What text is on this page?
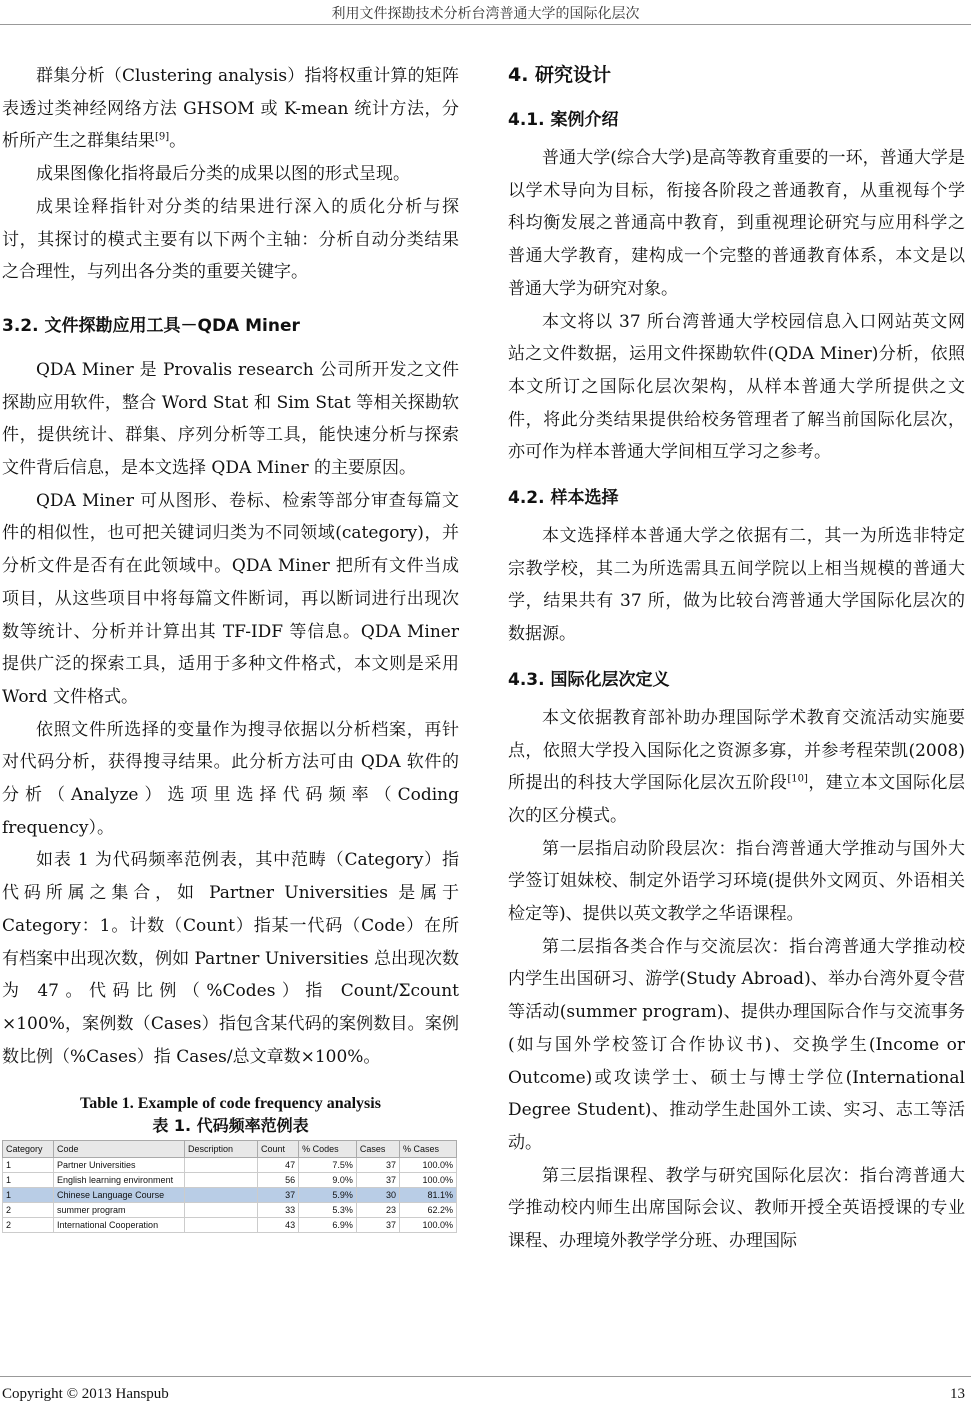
利用文件探勘技术分析台湾普通大学的国际化层次

群集分析（Clustering analysis）指将权重计算的矩阵表透过类神经网络方法 GHSOM 或 K-mean 统计方法，分析所产生之群集结果[9]。

成果图像化指将最后分类的成果以图的形式呈现。

成果诠释指针对分类的结果进行深入的质化分析与探讨，其探讨的模式主要有以下两个主轴：分析自动分类结果之合理性，与列出各分类的重要关键字。

3.2. 文件探勘应用工具－QDA Miner

QDA Miner 是 Provalis research 公司所开发之文件探勘应用软件，整合 Word Stat 和 Sim Stat 等相关探勘软件，提供统计、群集、序列分析等工具，能快速分析与探索文件背后信息，是本文选择 QDA Miner 的主要原因。

QDA Miner 可从图形、卷标、检索等部分审查每篇文件的相似性，也可把关键词归类为不同领域(category)，并分析文件是否有在此领域中。QDA Miner 把所有文件当成项目，从这些项目中将每篇文件断词，再以断词进行出现次数等统计、分析并计算出其 TF-IDF 等信息。QDA Miner 提供广泛的探索工具，适用于多种文件格式，本文则是采用 Word 文件格式。

依照文件所选择的变量作为搜寻依据以分析档案，再针对代码分析，获得搜寻结果。此分析方法可由 QDA 软件的分析（Analyze）选项里选择代码频率（Coding frequency）。

如表 1 为代码频率范例表，其中范畴（Category）指代码所属之集合，如 Partner Universities 是属于 Category：1。计数（Count）指某一代码（Code）在所有档案中出现次数，例如 Partner Universities 总出现次数为 47。代码比例（%Codes）指 Count/Σcount ×100%，案例数（Cases）指包含某代码的案例数目。案例数比例（%Cases）指 Cases/总文章数×100%。

Table 1. Example of code frequency analysis

表 1. 代码频率范例表

Category	Code	Description	Count	% Codes	Cases	% Cases
1	Partner Universities		47	7.5%	37	100.0%
1	English learning environment		56	9.0%	37	100.0%
1	Chinese Language Course		37	5.9%	30	81.1%
2	summer program		33	5.3%	23	62.2%
2	International Cooperation		43	6.9%	37	100.0%

4. 研究设计

4.1. 案例介绍

普通大学(综合大学)是高等教育重要的一环，普通大学是以学术导向为目标，衔接各阶段之普通教育，从重视每个学科均衡发展之普通高中教育，到重视理论研究与应用科学之普通大学教育，建构成一个完整的普通教育体系，本文是以普通大学为研究对象。

本文将以 37 所台湾普通大学校园信息入口网站英文网站之文件数据，运用文件探勘软件(QDA Miner)分析，依照本文所订之国际化层次架构，从样本普通大学所提供之文件，将此分类结果提供给校务管理者了解当前国际化层次，亦可作为样本普通大学间相互学习之参考。

4.2. 样本选择

本文选择样本普通大学之依据有二，其一为所选非特定宗教学校，其二为所选需具五间学院以上相当规模的普通大学，结果共有 37 所，做为比较台湾普通大学国际化层次的数据源。

4.3. 国际化层次定义

本文依据教育部补助办理国际学术教育交流活动实施要点，依照大学投入国际化之资源多寡，并参考程荣凯(2008)所提出的科技大学国际化层次五阶段[10]，建立本文国际化层次的区分模式。

第一层指启动阶段层次：指台湾普通大学推动与国外大学签订姐妹校、制定外语学习环境(提供外文网页、外语相关检定等)、提供以英文教学之华语课程。

第二层指各类合作与交流层次：指台湾普通大学推动校内学生出国研习、游学(Study Abroad)、举办台湾外夏令营等活动(summer program)、提供办理国际合作与交流事务(如与国外学校签订合作协议书)、交换学生(Income or Outcome)或攻读学士、硕士与博士学位(International Degree Student)、推动学生赴国外工读、实习、志工等活动。

第三层指课程、教学与研究国际化层次：指台湾普通大学推动校内师生出席国际会议、教师开授全英语授课的专业课程、办理境外教学学分班、办理国际

Copyright © 2013 Hanspub	13
